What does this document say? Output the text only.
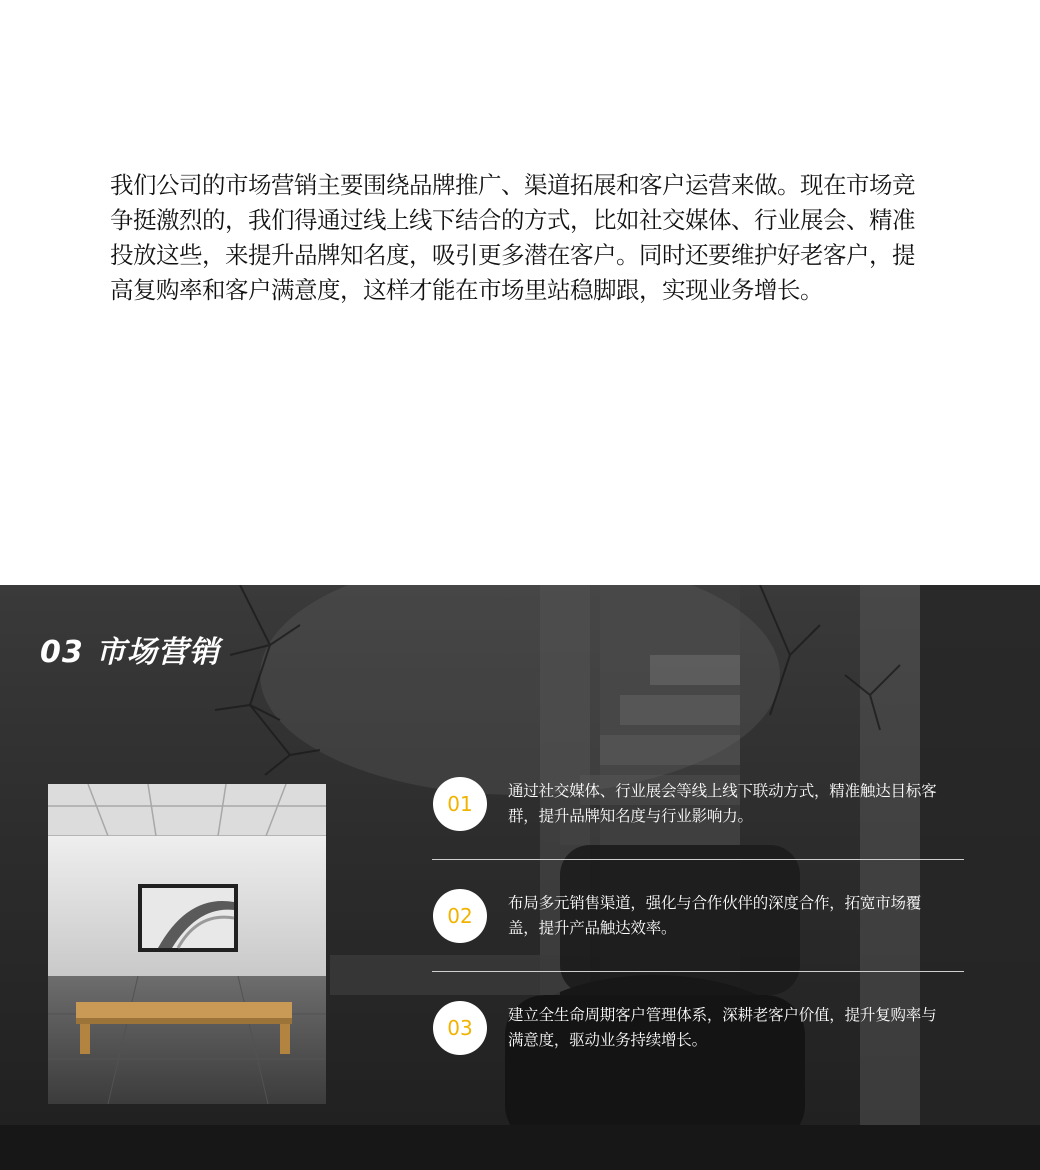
我们公司的市场营销主要围绕品牌推广、渠道拓展和客户运营来做。现在市场竞争挺激烈的，我们得通过线上线下结合的方式，比如社交媒体、行业展会、精准投放这些，来提升品牌知名度，吸引更多潜在客户。同时还要维护好老客户，提高复购率和客户满意度，这样才能在市场里站稳脚跟，实现业务增长。
03 市场营销
01
通过社交媒体、行业展会等线上线下联动方式，精准触达目标客群，提升品牌知名度与行业影响力。
02
布局多元销售渠道，强化与合作伙伴的深度合作，拓宽市场覆盖，提升产品触达效率。
03
建立全生命周期客户管理体系，深耕老客户价值，提升复购率与满意度，驱动业务持续增长。
